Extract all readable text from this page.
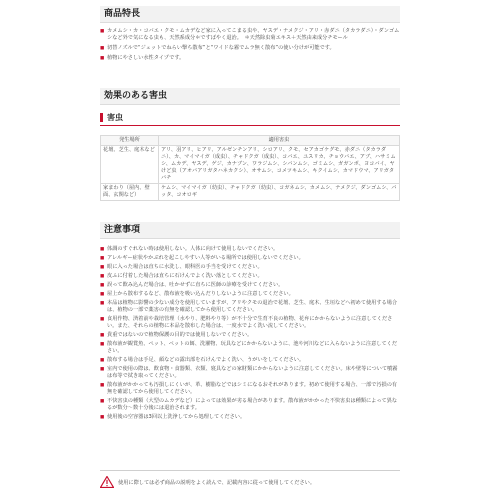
商品特長
■ カメムシ・カ・コバエ・クモ・ムカデなど家に入ってこまる虫や、ヤスデ・ナメクジ・アリ・赤ダニ（タカラダニ）・ダンゴムシなど外で気になる虫も、天然系成分＊ですばやく退治。　＊天然除虫菊エキス＋天然由来成分チモール
■ 切替ノズルで“ジェットでねらい撃ち散布”と“ワイドな霧でムラ無く散布”の使い分けが可能です。
■ 植物にやさしい水性タイプです。
効果のある害虫
害虫
発生場所	適用害虫
花壇、芝生、庭木など	アリ、羽アリ、ヒアリ、アルゼンチンアリ、シロアリ、クモ、セアカゴケグモ、赤ダニ（タカラダニ）、カ、マイマイガ（成虫）、チャドクガ（成虫）、コバエ、ユスリカ、チョウバエ、アブ、ハサミムシ、ムカデ、ヤスデ、ゲジ、カナブン、ワラジムシ、シバンムシ、ゴミムシ、ガガンボ、ヨコバイ、ヤけど虫（アオバアリガタハネカクシ）、オサムシ、コメツキムシ、キクイムシ、カマドウマ、アリガタバチ
家まわり（屋内、壁面、玄関など）	ケムシ、マイマイガ（幼虫）、チャドクガ（幼虫）、コガネムシ、カメムシ、ナメクジ、ダンゴムシ、バッタ、コオロギ
注意事項
■ 体調のすぐれない時は使用しない。人体に向けて使用しないでください。
■ アレルギー症状やかぶれを起こしやすい人等がいる場所では使用しないでください。
■ 眼に入った場合は直ちに水洗し、眼科医の手当を受けてください。
■ 皮ふに付着した場合は直ちに石けんでよく洗い落としてください。
■ 誤って飲み込んだ場合は、吐かせずに直ちに医師の診療を受けてください。
■ 屋上から散布するなど、散布液を吸い込んだりしないように注意してください。
■ 本品は植物に影響の少ない成分を使用していますが、アリやクモの退治で花壇、芝生、庭木、生垣などへ初めて使用する場合は、植物の一部で薬害の有無を確認してから使用してください。
■ 食用作物、済着前や栽培管理（水やり、肥料やり等）が不十分で生育不良の植物、花弁にかからないように注意してください。また、それらの植物に本品を散布した場合は、一度水でよく洗い流してください。
■ 貴重ではないので植物保護の目的では使用しないでください。
■ 散布液が観賞魚、ペット、ペットの餌、洗濯物、玩具などにかからないように、池や河川などに入らないように注意してください。
■ 散布する場合は手足、顔などの露出部を石けんでよく洗い、うがいをしてください。
■ 室内で使用の際は、飲食物・食器類、衣類、寝具などの家財類にかからないように注意してください。床や壁等について噴霧は布等で拭き取ってください。
■ 散布液がかかっても汚損しにくいが、革、樹脂などではシミになるおそれがあります。初めて使用する場合、一部で汚損の有無を確認してから使用してください。
■ 不快害虫の種類（大型のムカデなど）によっては効果が劣る場合があります。散布液がかかった不快害虫は種類によって異なるが数分～数十分後には退治されます。
■ 使用後の空容器は3回以上洗浄してから処理してください。
使用に際しては必ず商品の説明をよく読んで、記載内容に従って使用してください。
